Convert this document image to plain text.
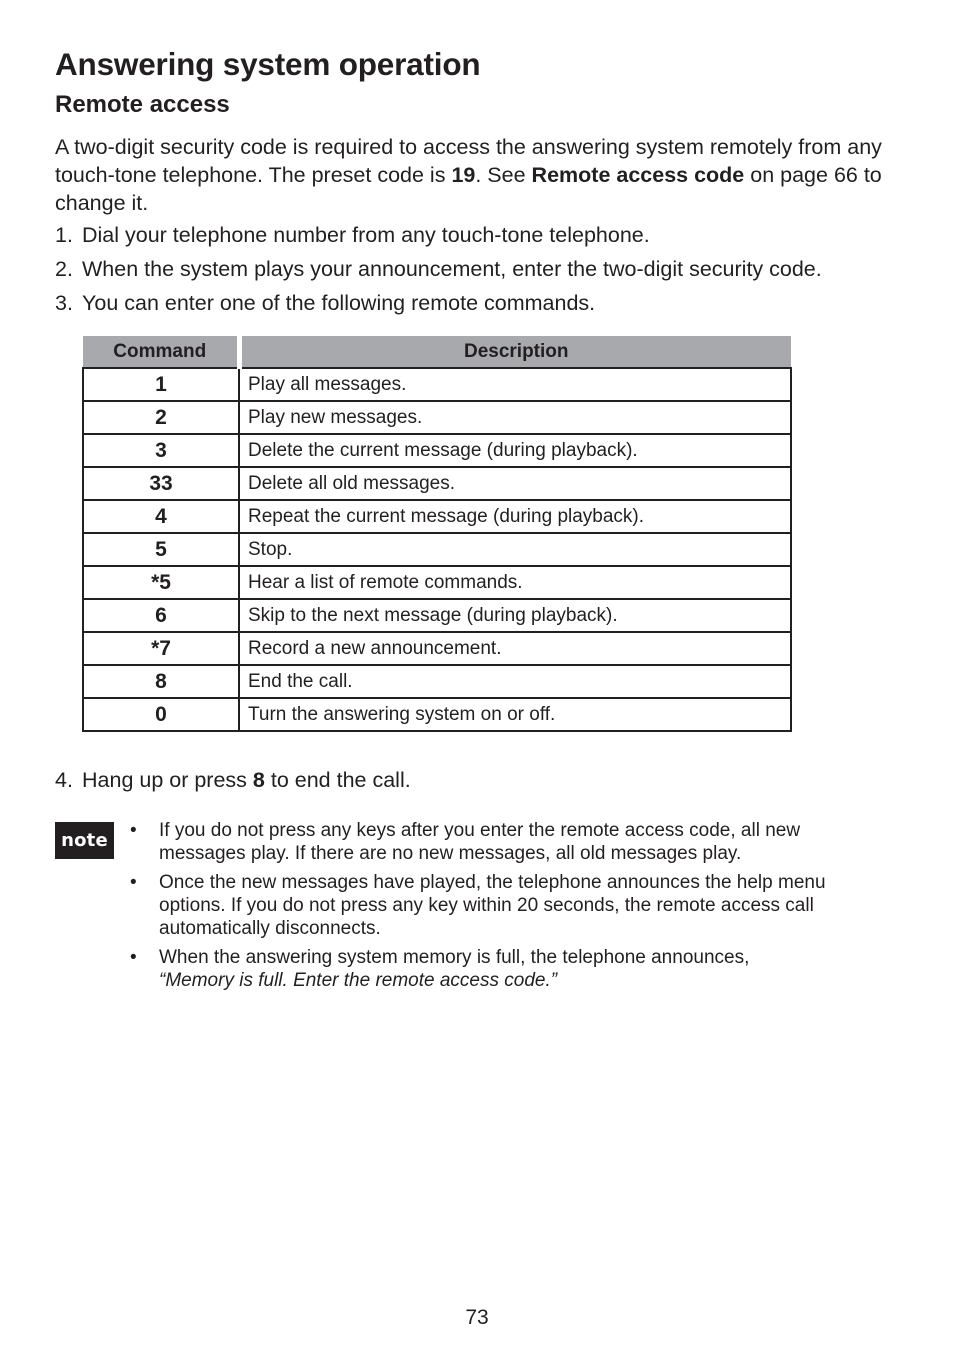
Answering system operation
Remote access

A two-digit security code is required to access the answering system remotely from any touch-tone telephone. The preset code is 19. See Remote access code on page 66 to change it.

1. Dial your telephone number from any touch-tone telephone.

2. When the system plays your announcement, enter the two-digit security code.

3. You can enter one of the following remote commands.

Command	Description
1	Play all messages.
2	Play new messages.
3	Delete the current message (during playback).
33	Delete all old messages.
4	Repeat the current message (during playback).
5	Stop.
*5	Hear a list of remote commands.
6	Skip to the next message (during playback).
*7	Record a new announcement.
8	End the call.
0	Turn the answering system on or off.

4. Hang up or press 8 to end the call.

note	• If you do not press any keys after you enter the remote access code, all new messages play. If there are no new messages, all old messages play.
• Once the new messages have played, the telephone announces the help menu options. If you do not press any key within 20 seconds, the remote access call automatically disconnects.
• When the answering system memory is full, the telephone announces,
“Memory is full. Enter the remote access code.”
73
